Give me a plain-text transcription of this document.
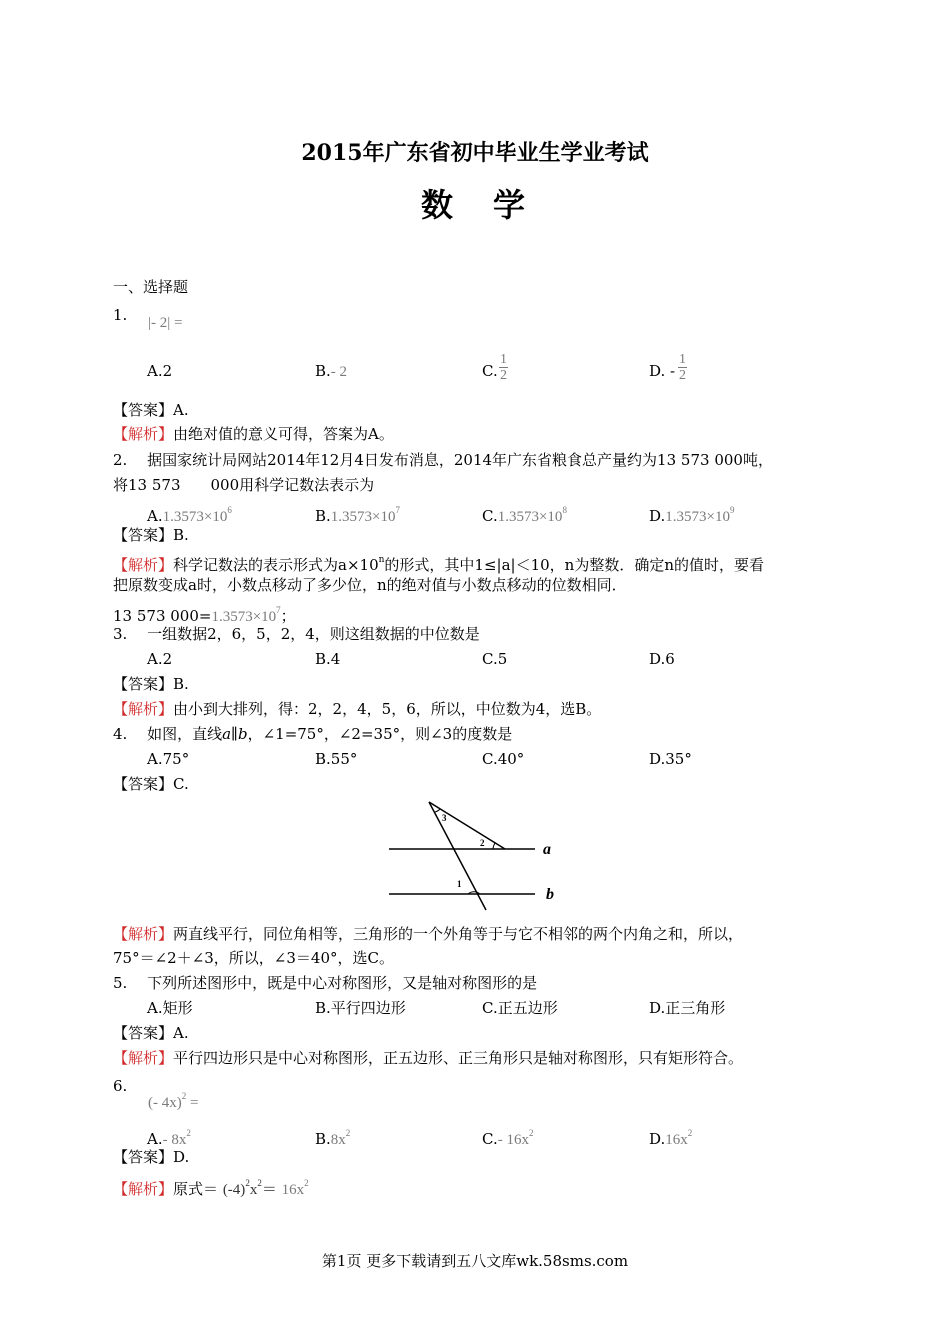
2015年广东省初中毕业生学业考试
数　学
一、选择题
1. |- 2| =
A.2	B.- 2	C. $\frac{1}{2}$	D. - $\frac{1}{2}$
【答案】A.
【解析】由绝对值的意义可得，答案为A。
2.　 据国家统计局网站2014年12月4日发布消息，2014年广东省粮食总产量约为13 573 000吨，
将13 573　　000用科学记数法表示为
$A.1.3573\times 10^6$	$B.1.3573\times 10^7$	$C.1.3573\times 10^8$	$D.1.3573\times 10^9$
【答案】B.
【解析】科学记数法的表示形式为$a\times 10^n$的形式，其中1≤|a|＜10，n为整数．确定n的值时，要看
把原数变成a时，小数点移动了多少位，n的绝对值与小数点移动的位数相同．
13 573 $000=1.3573\times 10^7$；
3.　 一组数据2，6，5，2，4，则这组数据的中位数是
A.2	B.4	C.5	D.6
【答案】B.
【解析】由小到大排列，得：2，2，4，5，6，所以，中位数为4，选B。
4.　 如图，直线a∥b，∠1=75°，∠2=35°，则∠3的度数是
A.75°	B.55°	C.40°	D.35°
【答案】C.
3
2
1
a
b
【解析】两直线平行，同位角相等，三角形的一个外角等于与它不相邻的两个内角之和，所以，
75°＝∠2＋∠3，所以，∠3＝40°，选C。
5.　 下列所述图形中，既是中心对称图形，又是轴对称图形的是
A.矩形	B.平行四边形	C.正五边形	D.正三角形
【答案】A.
【解析】平行四边形只是中心对称图形，正五边形、正三角形只是轴对称图形，只有矩形符合。
6.
(- 4x)$^2$ =
A.- $8x^2$	$B.8x^2$	C.- $16x^2$	$D.16x^2$
【答案】D.
【解析】原式＝ $(-4)^2x^2= 16x^2$
第1页 更多下载请到五八文库wk.58sms.com
